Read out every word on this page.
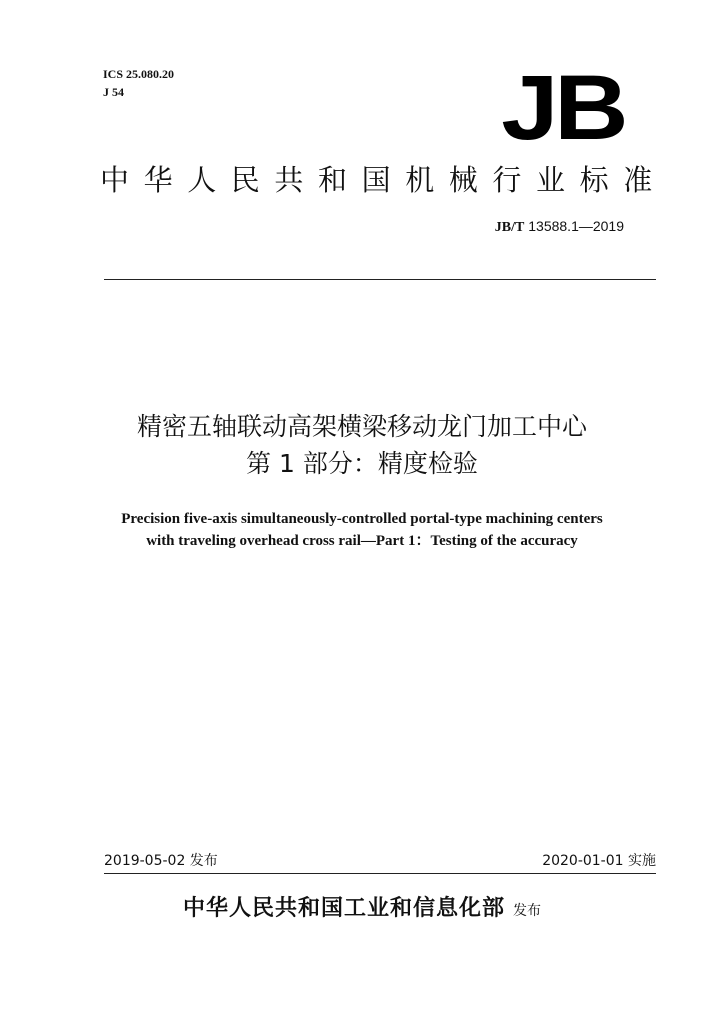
ICS 25.080.20
J 54	JB
中华人民共和国机械行业标准
JB/T 13588.1—2019
精密五轴联动高架横梁移动龙门加工中心
第 1 部分：精度检验
Precision five-axis simultaneously-controlled portal-type machining centers
with traveling overhead cross rail—Part 1：Testing of the accuracy
2019-05-02 发布	2020-01-01 实施
中华人民共和国工业和信息化部 发布
